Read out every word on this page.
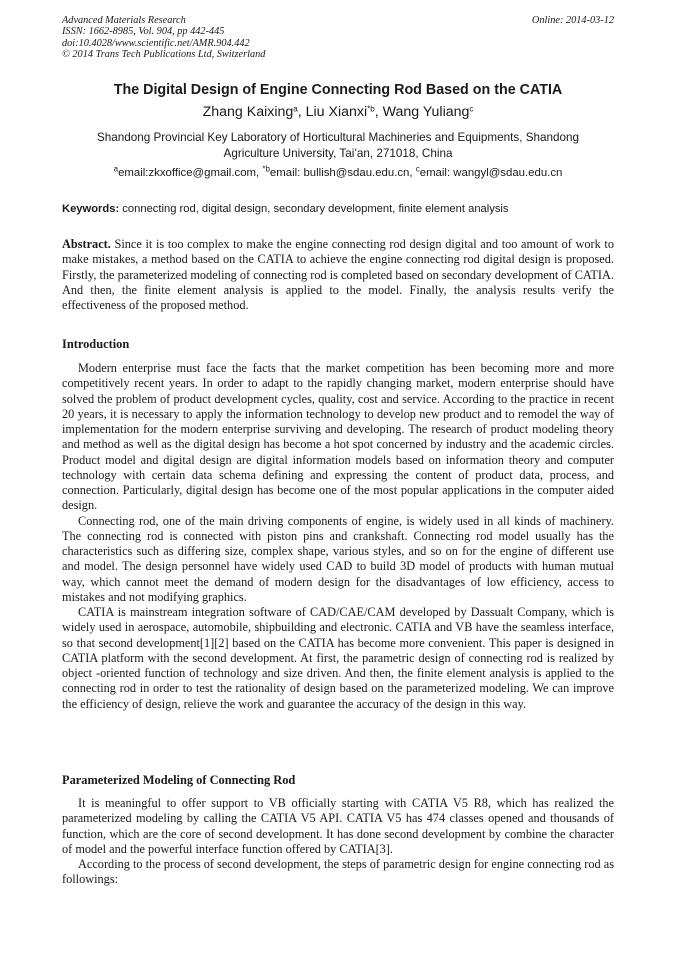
Advanced Materials Research
ISSN: 1662-8985, Vol. 904, pp 442-445
doi:10.4028/www.scientific.net/AMR.904.442
© 2014 Trans Tech Publications Ltd, Switzerland
Online: 2014-03-12
The Digital Design of Engine Connecting Rod Based on the CATIA
Zhang Kaixing$^a$, Liu Xianxi$^{*b}$, Wang Yuliang$^c$
Shandong Provincial Key Laboratory of Horticultural Machineries and Equipments, Shandong
Agriculture University, Tai’an, 271018, China
$^a$email:zkxoffice@gmail.com, $^{*b}$email: bullish@sdau.edu.cn, $^c$email: wangyl@sdau.edu.cn
Keywords: connecting rod, digital design, secondary development, finite element analysis
Abstract. Since it is too complex to make the engine connecting rod design digital and too amount of work to make mistakes, a method based on the CATIA to achieve the engine connecting rod digital design is proposed. Firstly, the parameterized modeling of connecting rod is completed based on secondary development of CATIA. And then, the finite element analysis is applied to the model. Finally, the analysis results verify the effectiveness of the proposed method.
Introduction

Modern enterprise must face the facts that the market competition has been becoming more and more competitively recent years. In order to adapt to the rapidly changing market, modern enterprise should have solved the problem of product development cycles, quality, cost and service. According to the practice in recent 20 years, it is necessary to apply the information technology to develop new product and to remodel the way of implementation for the modern enterprise surviving and developing. The research of product modeling theory and method as well as the digital design has become a hot spot concerned by industry and the academic circles. Product model and digital design are digital information models based on information theory and computer technology with certain data schema defining and expressing the content of product data, process, and connection. Particularly, digital design has become one of the most popular applications in the computer aided design.

Connecting rod, one of the main driving components of engine, is widely used in all kinds of machinery. The connecting rod is connected with piston pins and crankshaft. Connecting rod model usually has the characteristics such as differing size, complex shape, various styles, and so on for the engine of different use and model. The design personnel have widely used CAD to build 3D model of products with human mutual way, which cannot meet the demand of modern design for the disadvantages of low efficiency, access to mistakes and not modifying graphics.

CATIA is mainstream integration software of CAD/CAE/CAM developed by Dassualt Company, which is widely used in aerospace, automobile, shipbuilding and electronic. CATIA and VB have the seamless interface, so that second development[1][2] based on the CATIA has become more convenient. This paper is designed in CATIA platform with the second development. At first, the parametric design of connecting rod is realized by object -oriented function of technology and size driven. And then, the finite element analysis is applied to the connecting rod in order to test the rationality of design based on the parameterized modeling. We can improve the efficiency of design, relieve the work and guarantee the accuracy of the design in this way.

Parameterized Modeling of Connecting Rod

It is meaningful to offer support to VB officially starting with CATIA V5 R8, which has realized the parameterized modeling by calling the CATIA V5 API. CATIA V5 has 474 classes opened and thousands of function, which are the core of second development. It has done second development by combine the character of model and the powerful interface function offered by CATIA[3].

According to the process of second development, the steps of parametric design for engine connecting rod as followings:
